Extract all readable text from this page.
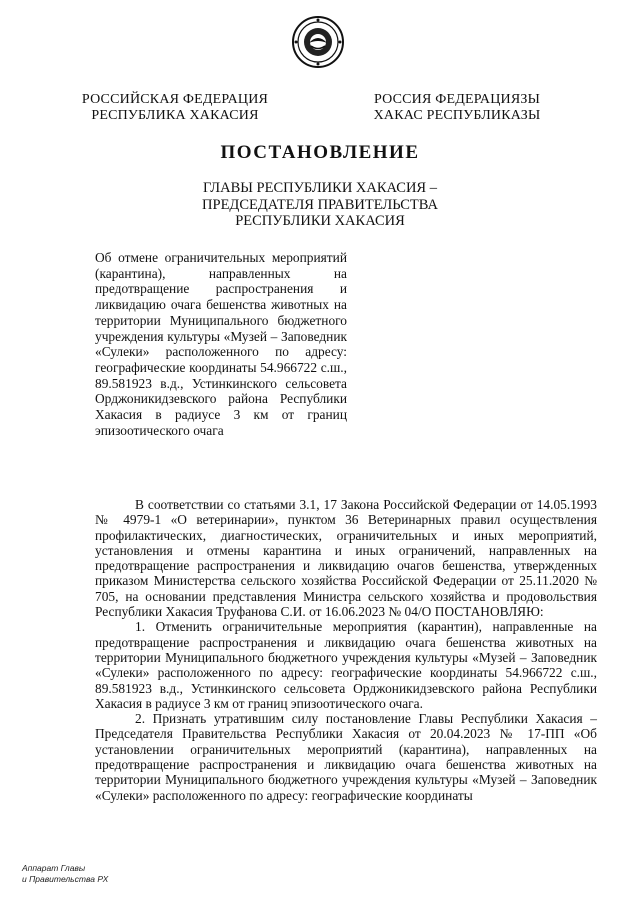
РОССИЙСКАЯ ФЕДЕРАЦИЯ
РЕСПУБЛИКА ХАКАСИЯ
РОССИЯ ФЕДЕРАЦИЯЗЫ
ХАКАС РЕСПУБЛИКАЗЫ
ПОСТАНОВЛЕНИЕ
ГЛАВЫ РЕСПУБЛИКИ ХАКАСИЯ –
ПРЕДСЕДАТЕЛЯ ПРАВИТЕЛЬСТВА
РЕСПУБЛИКИ ХАКАСИЯ
Об отмене ограничительных мероприятий (карантина), направленных на предотвращение распространения и ликвидацию очага бешенства животных на территории Муниципального бюджетного учреждения культуры «Музей – Заповедник «Сулеки» расположенного по адресу: географические координаты 54.966722 с.ш., 89.581923 в.д., Устинкинского сельсовета Орджоникидзевского района Республики Хакасия в радиусе 3 км от границ эпизоотического очага

В соответствии со статьями 3.1, 17 Закона Российской Федерации от 14.05.1993 № 4979-1 «О ветеринарии», пунктом 36 Ветеринарных правил осуществления профилактических, диагностических, ограничительных и иных мероприятий, установления и отмены карантина и иных ограничений, направленных на предотвращение распространения и ликвидацию очагов бешенства, утвержденных приказом Министерства сельского хозяйства Российской Федерации от 25.11.2020 № 705, на основании представления Министра сельского хозяйства и продовольствия Республики Хакасия Труфанова С.И. от 16.06.2023 № 04/О ПОСТАНОВЛЯЮ:

1. Отменить ограничительные мероприятия (карантин), направленные на предотвращение распространения и ликвидацию очага бешенства животных на территории Муниципального бюджетного учреждения культуры «Музей – Заповедник «Сулеки» расположенного по адресу: географические координаты 54.966722 с.ш., 89.581923 в.д., Устинкинского сельсовета Орджоникидзевского района Республики Хакасия в радиусе 3 км от границ эпизоотического очага.

2. Признать утратившим силу постановление Главы Республики Хакасия – Председателя Правительства Республики Хакасия от 20.04.2023 № 17-ПП «Об установлении ограничительных мероприятий (карантина), направленных на предотвращение распространения и ликвидацию очага бешенства животных на территории Муниципального бюджетного учреждения культуры «Музей – Заповедник «Сулеки» расположенного по адресу: географические координаты

Аппарат Главы
и Правительства РХ
